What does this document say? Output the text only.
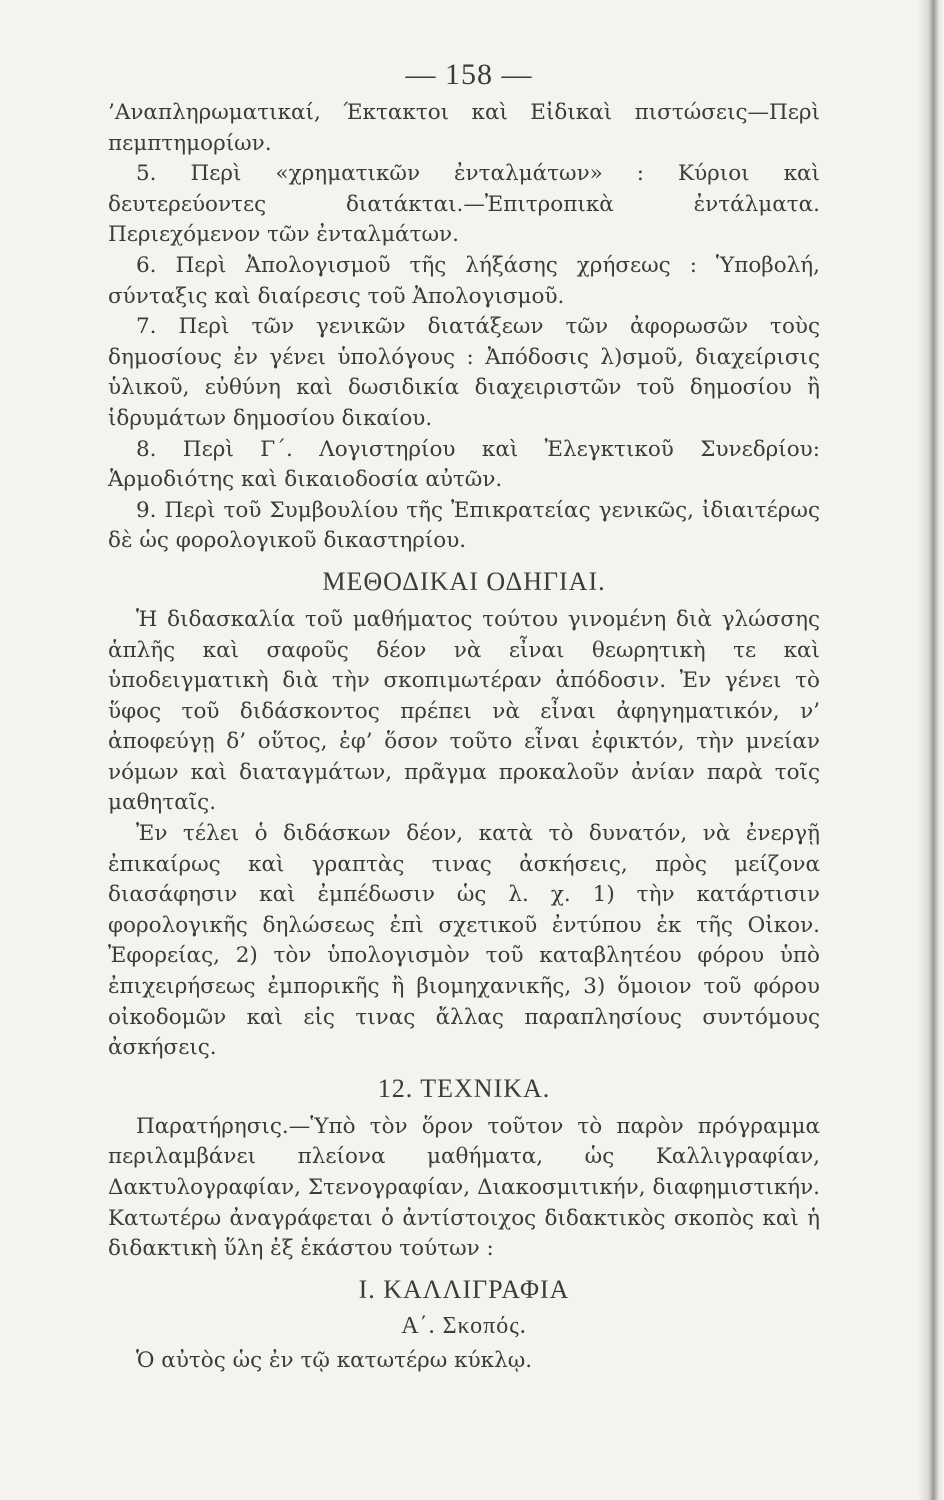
— 158 —

’Αναπληρωματικαί, Έκτακτοι καὶ Εἰδικαὶ πιστώσεις—Περὶ πεμπτημορίων.

5. Περὶ «χρηματικῶν ἐνταλμάτων» : Κύριοι καὶ δευτερεύοντες διατάκται.—Ἐπιτροπικὰ ἐντάλματα. Περιεχόμενον τῶν ἐνταλμάτων.

6. Περὶ Ἀπολογισμοῦ τῆς λήξάσης χρήσεως : Ὑποβολή, σύνταξις καὶ διαίρεσις τοῦ Ἀπολογισμοῦ.

7. Περὶ τῶν γενικῶν διατάξεων τῶν ἀφορωσῶν τοὺς δημοσίους ἐν γένει ὑπολόγους : Ἀπόδοσις λ)σμοῦ, διαχείρισις ὑλικοῦ, εὐθύνη καὶ δωσιδικία διαχειριστῶν τοῦ δημοσίου ἢ ἱδρυμάτων δημοσίου δικαίου.

8. Περὶ Γ΄. Λογιστηρίου καὶ Ἐλεγκτικοῦ Συνεδρίου: Ἁρμοδιότης καὶ δικαιοδοσία αὐτῶν.

9. Περὶ τοῦ Συμβουλίου τῆς Ἐπικρατείας γενικῶς, ἰδιαιτέρως δὲ ὡς φορολογικοῦ δικαστηρίου.

ΜΕΘΟΔΙΚΑΙ ΟΔΗΓΙΑΙ.

Ἡ διδασκαλία τοῦ μαθήματος τούτου γινομένη διὰ γλώσσης ἁπλῆς καὶ σαφοῦς δέον νὰ εἶναι θεωρητικὴ τε καὶ ὑποδειγματικὴ διὰ τὴν σκοπιμωτέραν ἀπόδοσιν. Ἐν γένει τὸ ὕφος τοῦ διδάσκοντος πρέπει νὰ εἶναι ἀφηγηματικόν, ν’ ἀποφεύγῃ δ’ οὕτος, ἐφ’ ὅσον τοῦτο εἶναι ἐφικτόν, τὴν μνείαν νόμων καὶ διαταγμάτων, πρᾶγμα προκαλοῦν ἀνίαν παρὰ τοῖς μαθηταῖς.

Ἐν τέλει ὁ διδάσκων δέον, κατὰ τὸ δυνατόν, νὰ ἐνεργῇ ἐπικαίρως καὶ γραπτὰς τινας ἀσκήσεις, πρὸς μείζονα διασάφησιν καὶ ἐμπέδωσιν ὡς λ. χ. 1) τὴν κατάρτισιν φορολογικῆς δηλώσεως ἐπὶ σχετικοῦ ἐντύπου ἐκ τῆς Οἰκον. Ἐφορείας, 2) τὸν ὑπολογισμὸν τοῦ καταβλητέου φόρου ὑπὸ ἐπιχειρήσεως ἐμπορικῆς ἢ βιομηχανικῆς, 3) ὅμοιον τοῦ φόρου οἰκοδομῶν καὶ εἰς τινας ἄλλας παραπλησίους συντόμους ἀσκήσεις.

12. ΤΕΧΝΙΚΑ.

Παρατήρησις.—Ὑπὸ τὸν ὅρον τοῦτον τὸ παρὸν πρόγραμμα περιλαμβάνει πλείονα μαθήματα, ὡς Καλλιγραφίαν, Δακτυλογραφίαν, Στενογραφίαν, Διακοσμιτικήν, διαφημιστικήν. Κατωτέρω ἀναγράφεται ὁ ἀντίστοιχος διδακτικὸς σκοπὸς καὶ ἡ διδακτικὴ ὕλη ἐξ ἑκάστου τούτων :

Ι. ΚΑΛΛΙΓΡΑΦΙΑ
Α΄. Σκοπός.

Ὁ αὐτὸς ὡς ἐν τῷ κατωτέρω κύκλῳ.
